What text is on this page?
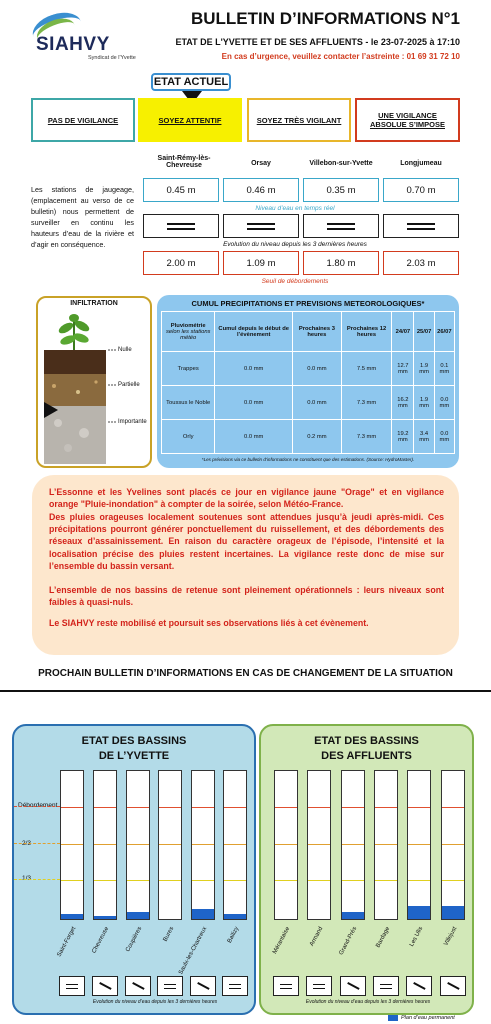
SIAHVY
Syndicat de l'Yvette
BULLETIN D’INFORMATIONS N°1
ETAT DE L'YVETTE ET DE SES AFFLUENTS - le 23-07-2025 à 17:10
En cas d’urgence, veuillez contacter l’astreinte : 01 69 31 72 10
ETAT ACTUEL
PAS DE VIGILANCE	SOYEZ ATTENTIF	SOYEZ TRÈS VIGILANT	UNE VIGILANCE ABSOLUE S’IMPOSE
Saint-Rémy-lès-Chevreuse	Orsay	Villebon-sur-Yvette	Longjumeau
Les stations de jaugeage, (emplacement au verso de ce bulletin) nous permettent de surveiller en continu les hauteurs d’eau de la rivière et d’agir en conséquence.
0.45 m	0.46 m	0.35 m	0.70 m
Niveau d’eau en temps réel
Evolution du niveau depuis les 3 dernières heures
2.00 m	1.09 m	1.80 m	2.03 m
Seuil de débordements
INFILTRATION
Nulle
Partielle
Importante
CUMUL PRECIPITATIONS ET PREVISIONS METEOROLOGIQUES*
Pluviométrie
selon les stations météo	Cumul depuis le début de l’évènement	Prochaines 3 heures	Prochaines 12 heures	24/07	25/07	26/07
Trappes	0.0 mm	0.0 mm	7.5 mm	12.7 mm	1.9 mm	0.1 mm
Toussus le Noble	0.0 mm	0.0 mm	7.3 mm	16.2 mm	1.9 mm	0.0 mm
Orly	0.0 mm	0.2 mm	7.3 mm	19.2 mm	3.4 mm	0.0 mm
*Les prévisions via ce bulletin d’informations ne constituent que des estimations. (Source: HydroMaster).

L’Essonne et les Yvelines sont placés ce jour en vigilance jaune "Orage" et en vigilance orange "Pluie-inondation" à compter de la soirée, selon Météo-France.

Des pluies orageuses localement soutenues sont attendues jusqu’à jeudi après-midi. Ces précipitations pourront générer ponctuellement du ruissellement, et des débordements des réseaux d’assainissement. En raison du caractère orageux de l’épisode, l’intensité et la localisation précise des pluies restent incertaines. La vigilance reste donc de mise sur l’ensemble du bassin versant.

L’ensemble de nos bassins de retenue sont pleinement opérationnels : leurs niveaux sont faibles à quasi-nuls.

Le SIAHVY reste mobilisé et poursuit ses observations liés à cet évènement.

PROCHAIN BULLETIN D’INFORMATIONS EN CAS DE CHANGEMENT DE LA SITUATION
ETAT DES BASSINS
DE L’YVETTE
ETAT DES BASSINS
DES AFFLUENTS
Débordement
2/3
1/3
Saint-Forget	Chevreuse	Coupières	Bures Saulx-les-Chartreux	Bailizy	Mérantaise	Armand	Grand-Prés	Bardage	Les Ulis	Villejust
Evolution du niveau d’eau depuis les 3 dernières heures	Evolution du niveau d’eau depuis les 3 dernières heures
Plan d’eau permanent
